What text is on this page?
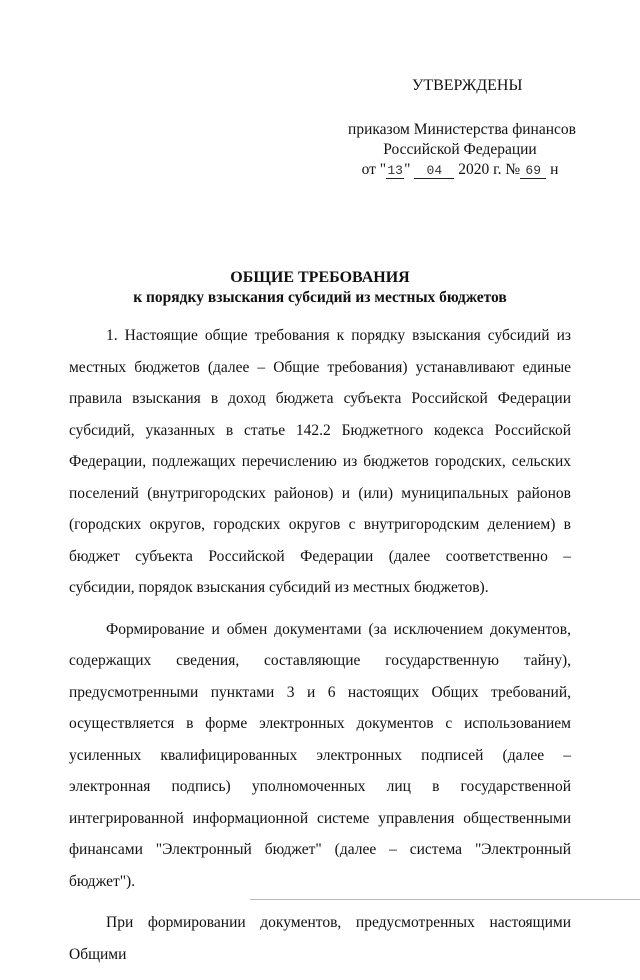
УТВЕРЖДЕНЫ
приказом Министерства финансов
Российской Федерации
от "13" 04 2020 г. № 69 н
ОБЩИЕ ТРЕБОВАНИЯ
к порядку взыскания субсидий из местных бюджетов

1. Настоящие общие требования к порядку взыскания субсидий из местных бюджетов (далее – Общие требования) устанавливают единые правила взыскания в доход бюджета субъекта Российской Федерации субсидий, указанных в статье 142.2 Бюджетного кодекса Российской Федерации, подлежащих перечислению из бюджетов городских, сельских поселений (внутригородских районов) и (или) муниципальных районов (городских округов, городских округов с внутригородским делением) в бюджет субъекта Российской Федерации (далее соответственно – субсидии, порядок взыскания субсидий из местных бюджетов).

Формирование и обмен документами (за исключением документов, содержащих сведения, составляющие государственную тайну), предусмотренными пунктами 3 и 6 настоящих Общих требований, осуществляется в форме электронных документов с использованием усиленных квалифицированных электронных подписей (далее – электронная подпись) уполномоченных лиц в государственной интегрированной информационной системе управления общественными финансами "Электронный бюджет" (далее – система "Электронный бюджет").

При формировании документов, предусмотренных настоящими Общими
